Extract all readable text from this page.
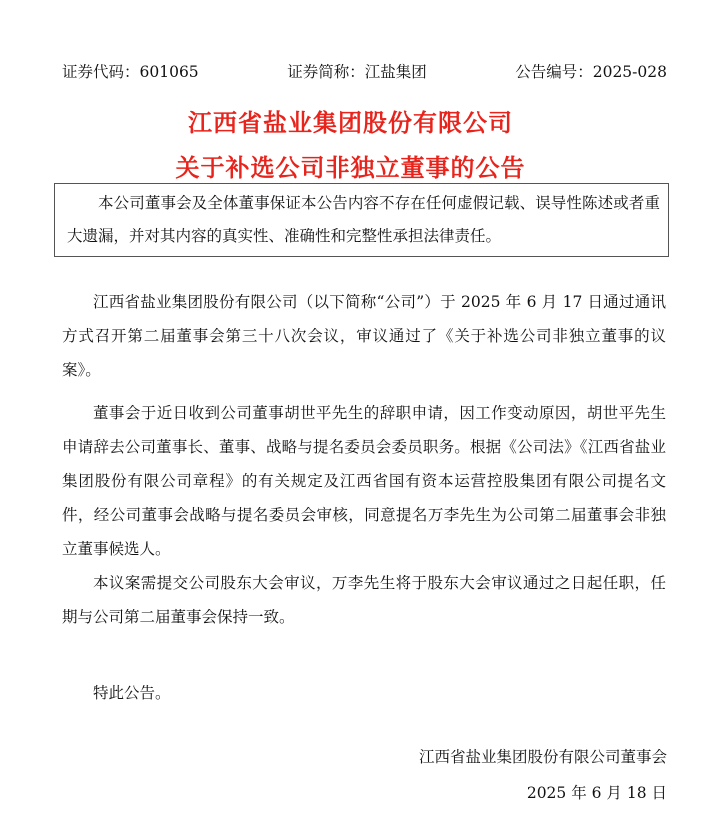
证券代码：601065	证券简称：江盐集团	公告编号：2025-028
江西省盐业集团股份有限公司
关于补选公司非独立董事的公告
本公司董事会及全体董事保证本公告内容不存在任何虚假记载、误导性陈述或者重大遗漏，并对其内容的真实性、准确性和完整性承担法律责任。

江西省盐业集团股份有限公司（以下简称“公司”）于 2025 年 6 月 17 日通过通讯方式召开第二届董事会第三十八次会议，审议通过了《关于补选公司非独立董事的议案》。

董事会于近日收到公司董事胡世平先生的辞职申请，因工作变动原因，胡世平先生申请辞去公司董事长、董事、战略与提名委员会委员职务。根据《公司法》《江西省盐业集团股份有限公司章程》的有关规定及江西省国有资本运营控股集团有限公司提名文件，经公司董事会战略与提名委员会审核，同意提名万李先生为公司第二届董事会非独立董事候选人。

本议案需提交公司股东大会审议，万李先生将于股东大会审议通过之日起任职，任期与公司第二届董事会保持一致。

特此公告。

江西省盐业集团股份有限公司董事会
2025 年 6 月 18 日
